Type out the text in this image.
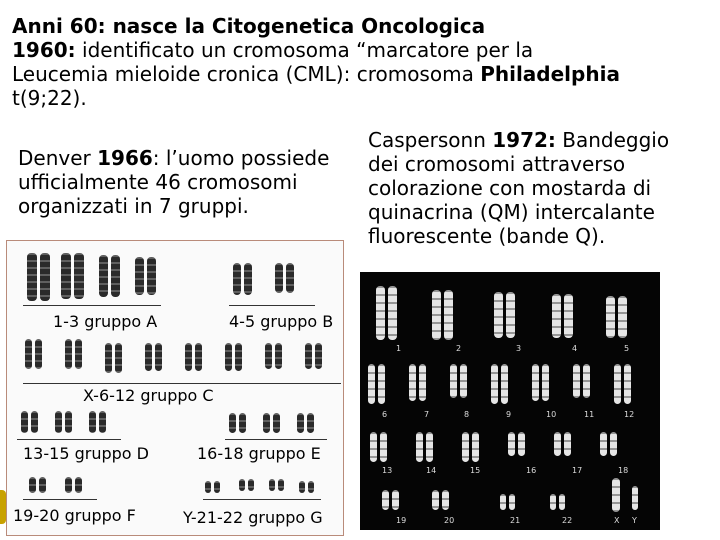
Anni 60: nasce la Citogenetica Oncologica
1960: identificato un cromosoma “marcatore per la
Leucemia mieloide cronica (CML): cromosoma Philadelphia
t(9;22).
Denver 1966: l’uomo possiede
ufficialmente 46 cromosomi
organizzati in 7 gruppi.
Caspersonn 1972: Bandeggio
dei cromosomi attraverso
colorazione con mostarda di
quinacrina (QM) intercalante
fluorescente (bande Q).
1-3 gruppo A	4-5 gruppo B
X-6-12 gruppo C
13-15 gruppo D	16-18 gruppo E
19-20 gruppo F	Y-21-22 gruppo G
1	2	3	4	5
6	7	8	9	10	11	12
13	14	15	16	17	18
19	20	21	22	X Y
